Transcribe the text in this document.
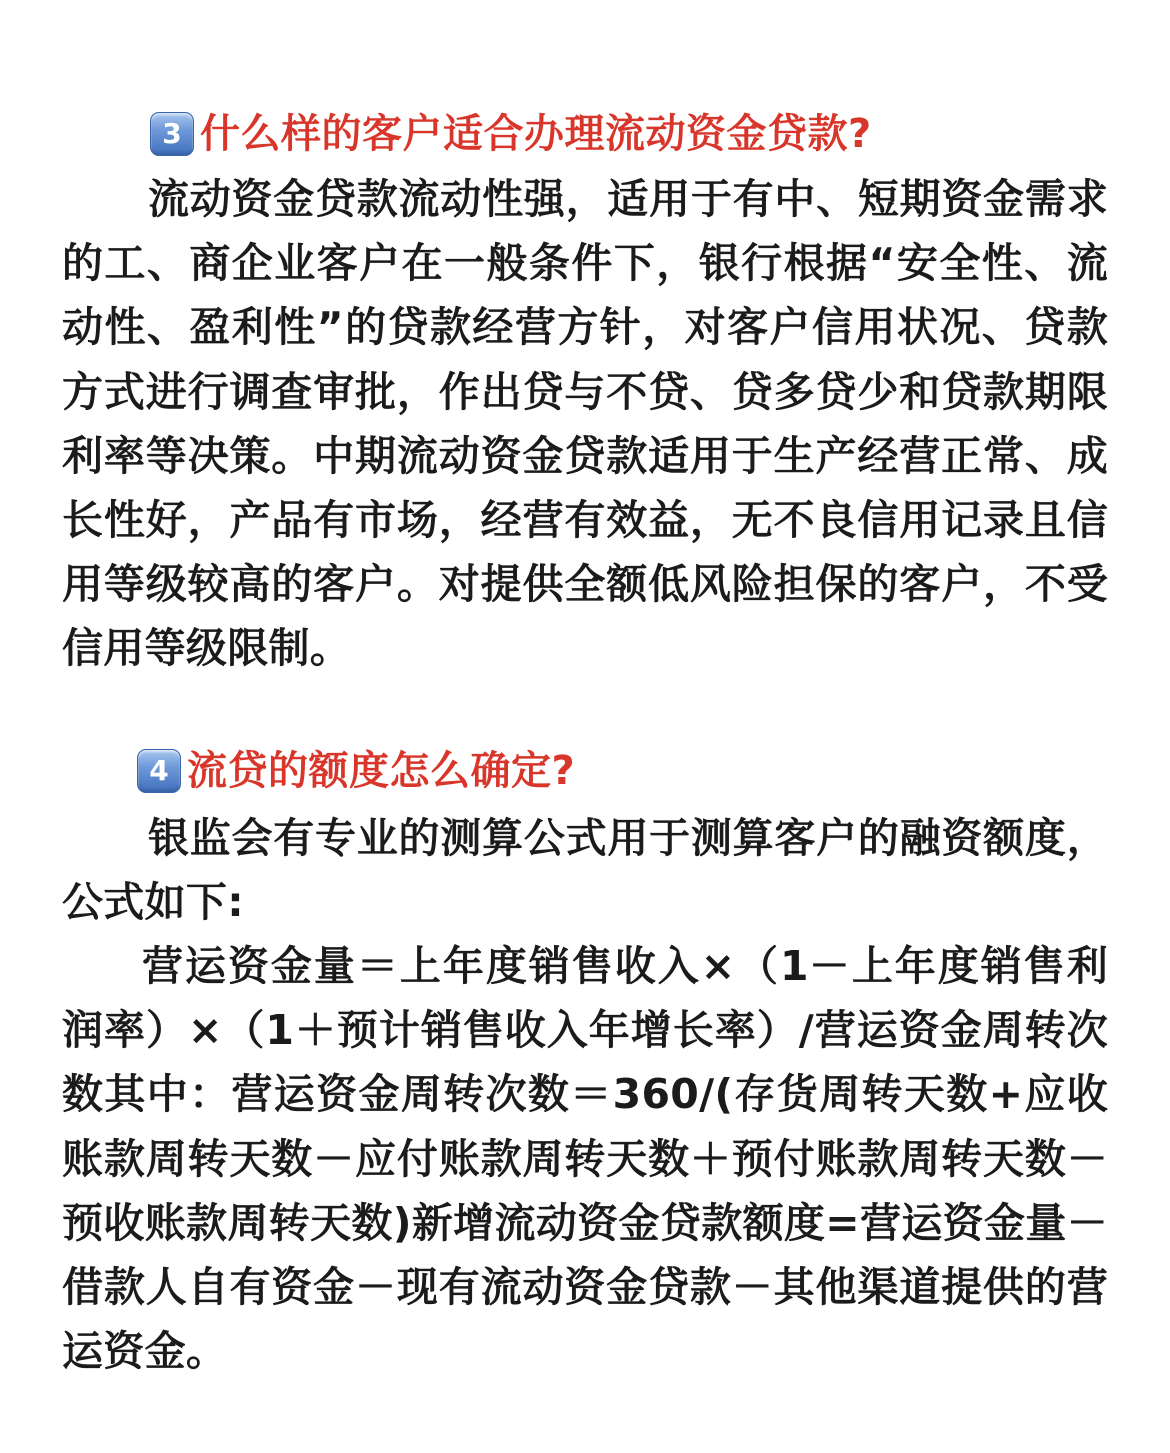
3 什么样的客户适合办理流动资金贷款?

流动资金贷款流动性强，适用于有中、短期资金需求的工、商企业客户在一般条件下，银行根据“安全性、流动性、盈利性”的贷款经营方针，对客户信用状况、贷款方式进行调查审批，作出贷与不贷、贷多贷少和贷款期限利率等决策。中期流动资金贷款适用于生产经营正常、成长性好，产品有市场，经营有效益，无不良信用记录且信用等级较高的客户。对提供全额低风险担保的客户，不受信用等级限制。

4 流贷的额度怎么确定?

银监会有专业的测算公式用于测算客户的融资额度，公式如下:

营运资金量＝上年度销售收入×（1－上年度销售利润率）×（1＋预计销售收入年增长率）/营运资金周转次数其中：营运资金周转次数＝360/(存货周转天数+应收账款周转天数－应付账款周转天数＋预付账款周转天数－预收账款周转天数)新增流动资金贷款额度=营运资金量－借款人自有资金－现有流动资金贷款－其他渠道提供的营运资金。
